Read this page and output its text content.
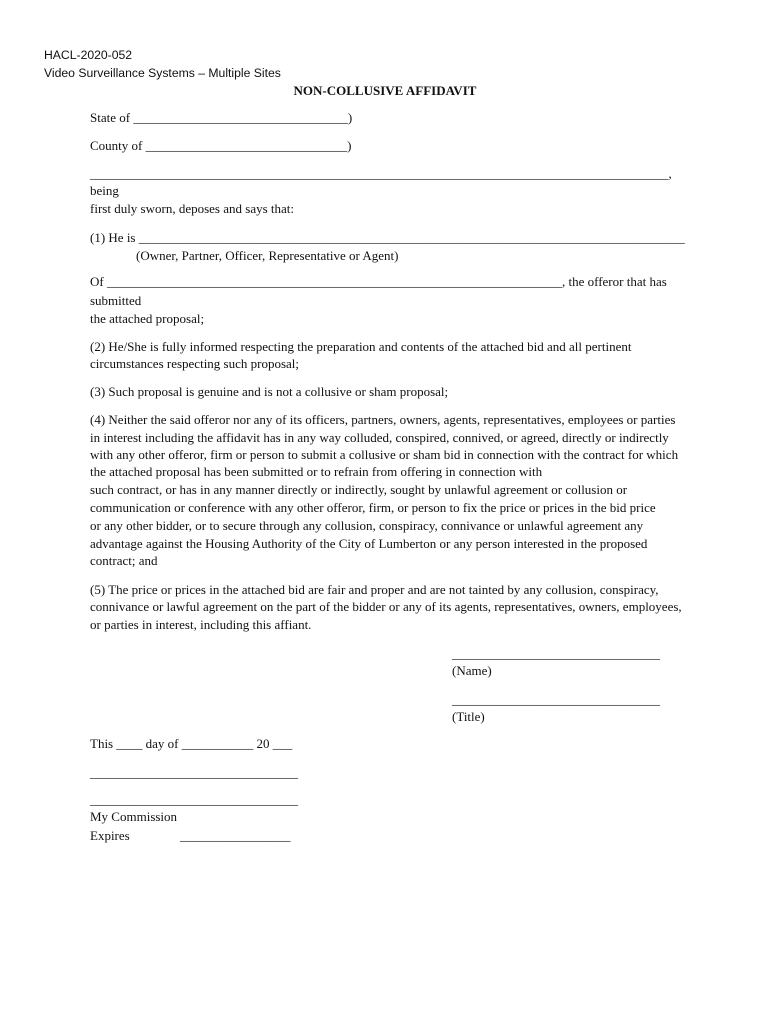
HACL-2020-052
Video Surveillance Systems – Multiple Sites
NON-COLLUSIVE AFFIDAVIT
State of _________________________________)
County of _______________________________)
_________________________________________________________________________________________,
being
first duly sworn, deposes and says that:
(1) He is ____________________________________________________________________________________
(Owner, Partner, Officer, Representative or Agent)
Of ______________________________________________________________________, the offeror that has
submitted
the attached proposal;
(2) He/She is fully informed respecting the preparation and contents of the attached bid and all pertinent
circumstances respecting such proposal;
(3) Such proposal is genuine and is not a collusive or sham proposal;
(4) Neither the said offeror nor any of its officers, partners, owners, agents, representatives, employees or parties
in interest including the affidavit has in any way colluded, conspired, connived, or agreed, directly or indirectly
with any other offeror, firm or person to submit a collusive or sham bid in connection with the contract for which
the attached proposal has been submitted or to refrain from offering in connection with
such contract, or has in any manner directly or indirectly, sought by unlawful agreement or collusion or
communication or conference with any other offeror, firm, or person to fix the price or prices in the bid price
or any other bidder, or to secure through any collusion, conspiracy, connivance or unlawful agreement any
advantage against the Housing Authority of the City of Lumberton or any person interested in the proposed
contract; and
(5) The price or prices in the attached bid are fair and proper and are not tainted by any collusion, conspiracy,
connivance or lawful agreement on the part of the bidder or any of its agents, representatives, owners, employees,
or parties in interest, including this affiant.
________________________________
(Name)
________________________________
(Title)
This ____ day of ___________ 20 ___
________________________________
________________________________
My Commission
Expires	_________________
